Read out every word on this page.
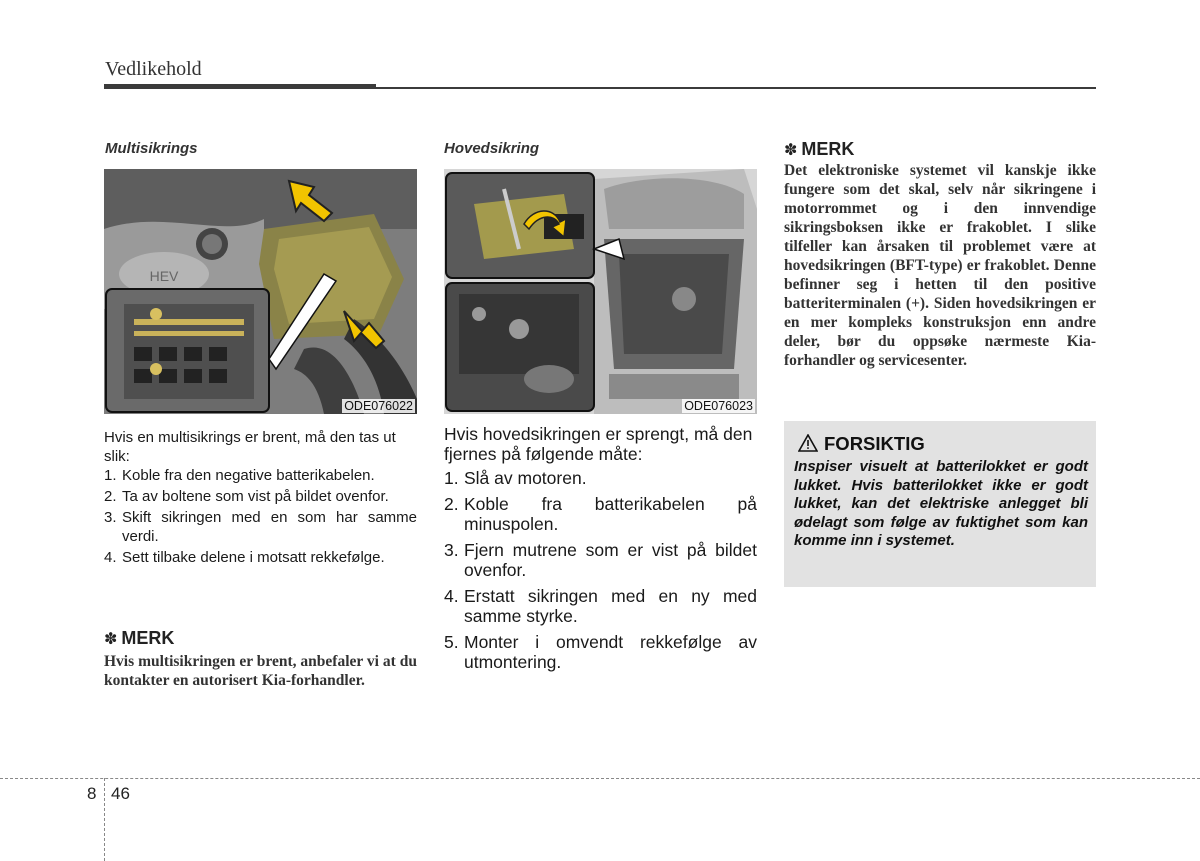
Vedlikehold
Multisikrings
HEV
ODE076022
Hvis en multisikrings er brent, må den tas ut slik:
1. Koble fra den negative batterikabelen.
2. Ta av boltene som vist på bildet ovenfor.
3. Skift sikringen med en som har samme verdi.
4. Sett tilbake delene i motsatt rekkefølge.
✽ MERK
Hvis multisikringen er brent, anbefaler vi at du kontakter en autorisert Kia-forhandler.
Hovedsikring
ODE076023
Hvis hovedsikringen er sprengt, må den fjernes på følgende måte:
1. Slå av motoren.
2. Koble fra batterikabelen på minuspolen.
3. Fjern mutrene som er vist på bildet ovenfor.
4. Erstatt sikringen med en ny med samme styrke.
5. Monter i omvendt rekkefølge av utmontering.
✽ MERK
Det elektroniske systemet vil kanskje ikke fungere som det skal, selv når sikringene i motorrommet og i den innvendige sikringsboksen ikke er frakoblet. I slike tilfeller kan årsaken til problemet være at hovedsikringen (BFT-type) er frakoblet. Denne befinner seg i hetten til den positive batteriterminalen (+). Siden hovedsikringen er en mer kompleks konstruksjon enn andre deler, bør du oppsøke nærmeste Kia-forhandler og servicesenter.
FORSIKTIG
Inspiser visuelt at batterilokket er godt lukket. Hvis batterilokket ikke er godt lukket, kan det elektriske anlegget bli ødelagt som følge av fuktighet som kan komme inn i systemet.
8 46
